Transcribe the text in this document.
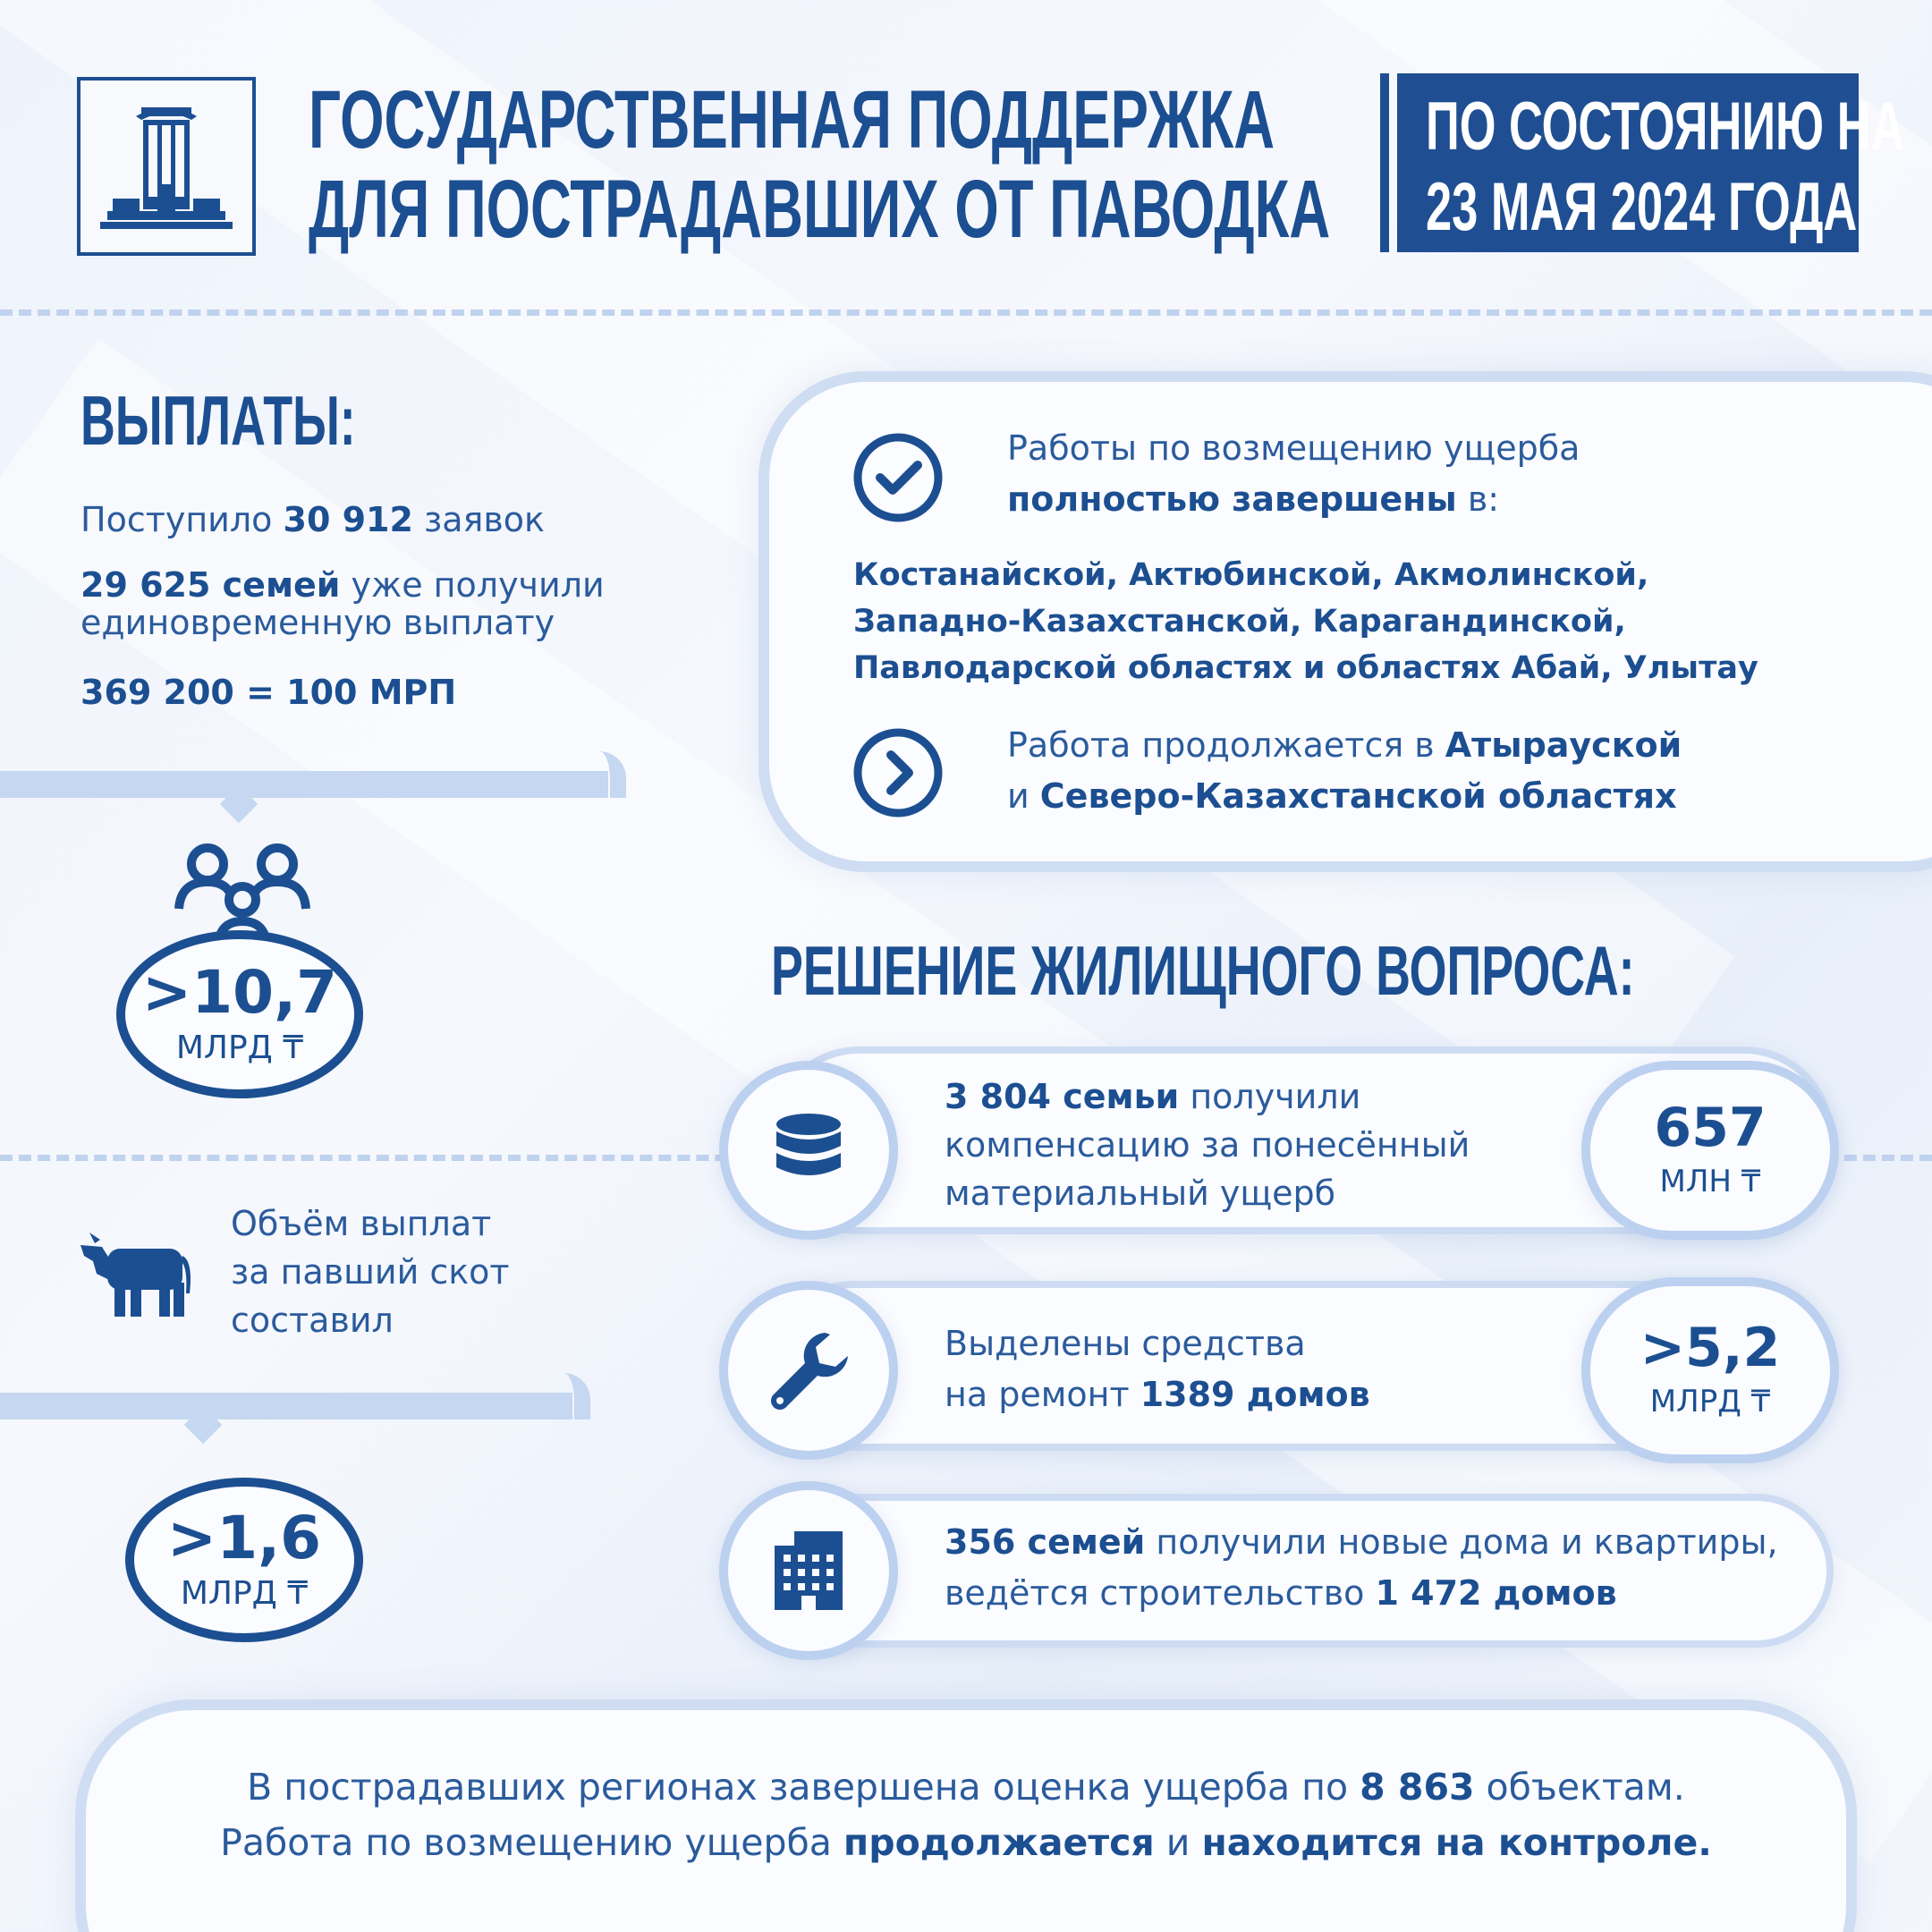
ГОСУДАРСТВЕННАЯ ПОДДЕРЖКА
ДЛЯ ПОСТРАДАВШИХ ОТ ПАВОДКА
ПО СОСТОЯНИЮ НА
23 МАЯ 2024 ГОДА
ВЫПЛАТЫ:
Поступило 30 912 заявок
29 625 семей уже получили
единовременную выплату
369 200 = 100 МРП
>10,7
МЛРД ₸
Объём выплат
за павший скот
составил
>1,6
МЛРД ₸
Работы по возмещению ущерба
полностью завершены в:
Костанайской, Актюбинской, Акмолинской,
Западно-Казахстанской, Карагандинской,
Павлодарской областях и областях Абай, Улытау
Работа продолжается в Атырауской
и Северо-Казахстанской областях
РЕШЕНИЕ ЖИЛИЩНОГО ВОПРОСА:
3 804 семьи получили
компенсацию за понесённый
материальный ущерб
657
МЛН ₸
Выделены средства
на ремонт 1389 домов
>5,2
МЛРД ₸
356 семей получили новые дома и квартиры,
ведётся строительство 1 472 домов
В пострадавших регионах завершена оценка ущерба по 8 863 объектам.
Работа по возмещению ущерба продолжается и находится на контроле.
